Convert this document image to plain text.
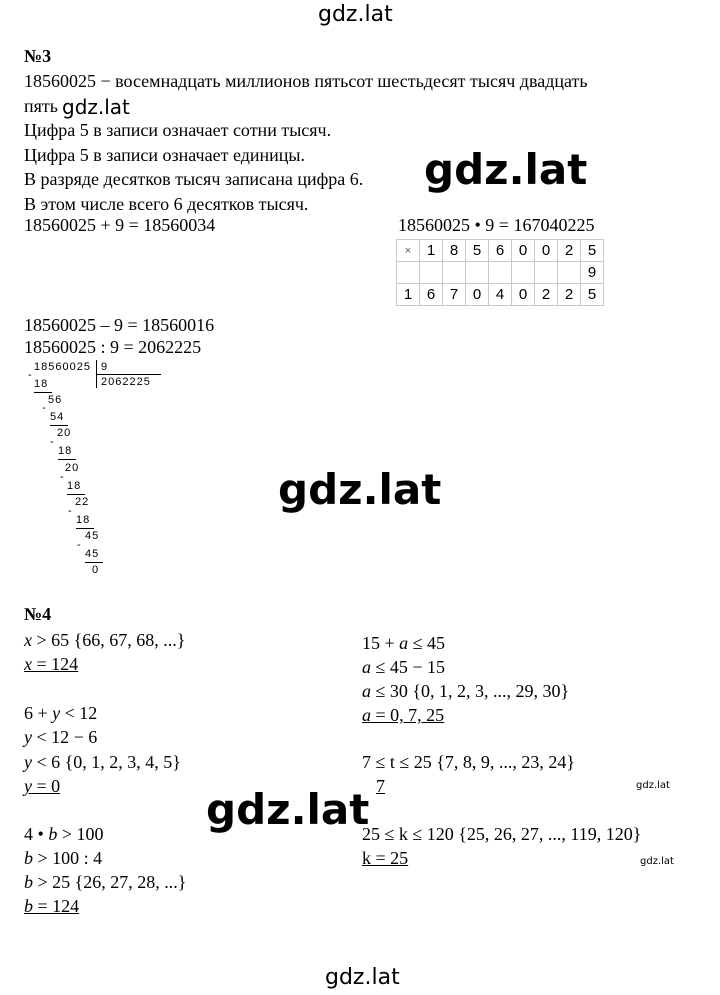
gdz.lat
gdz.lat
gdz.lat
gdz.lat
gdz.lat	gdz.lat
gdz.lat
gdz.lat
№3
18560025 − восемнадцать миллионов пятьсот шестьдесят тысяч двадцать
пять
Цифра 5 в записи означает сотни тысяч.
Цифра 5 в записи означает единицы.
В разряде десятков тысяч записана цифра 6.
В этом числе всего 6 десятков тысяч.
18560025 + 9 = 18560034	18560025 • 9 = 167040225
×	1	8	5	6	0	0	2	5
								9
1	6	7	0	4	0	2	2	5
18560025 – 9 = 18560016
18560025 : 9 = 2062225
18560025 9
2062225
-
18
56
-
54
20
-
18
20
-
18
22
-
18
45
-
45
0
№4
x > 65 {66, 67, 68, ...}
x = 124
6 + y < 12
y < 12 − 6
y < 6 {0, 1, 2, 3, 4, 5}
y = 0
4 • b > 100
b > 100 : 4
b > 25 {26, 27, 28, ...}
b = 124
15 + a ≤ 45
a ≤ 45 − 15
a ≤ 30 {0, 1, 2, 3, ..., 29, 30}
a = 0, 7, 25
7 ≤ t ≤ 25 {7, 8, 9, ..., 23, 24}
7
25 ≤ k ≤ 120 {25, 26, 27, ..., 119, 120}
k = 25
